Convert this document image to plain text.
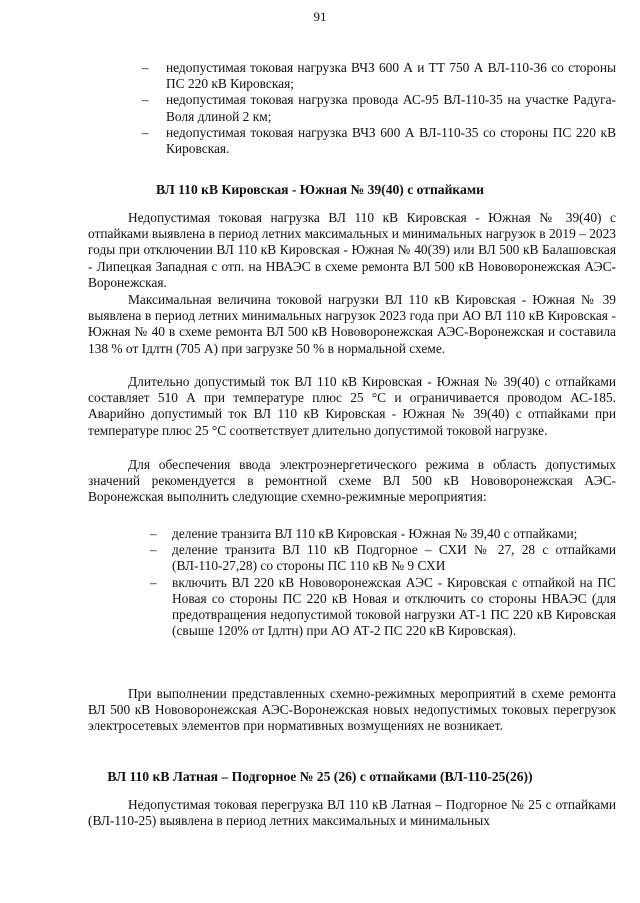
91
– недопустимая токовая нагрузка ВЧЗ 600 А и ТТ 750 А ВЛ-110-36 со стороны ПС 220 кВ Кировская;
– недопустимая токовая нагрузка провода АС-95 ВЛ-110-35 на участке Радуга-Воля длиной 2 км;
– недопустимая токовая нагрузка ВЧЗ 600 А ВЛ-110-35 со стороны ПС 220 кВ Кировская.
ВЛ 110 кВ Кировская - Южная № 39(40) с отпайками

Недопустимая токовая нагрузка ВЛ 110 кВ Кировская - Южная № 39(40) с отпайками выявлена в период летних максимальных и минимальных нагрузок в 2019 – 2023 годы при отключении ВЛ 110 кВ Кировская - Южная № 40(39) или ВЛ 500 кВ Балашовская - Липецкая Западная с отп. на НВАЭС в схеме ремонта ВЛ 500 кВ Нововоронежская АЭС-Воронежская.

Максимальная величина токовой нагрузки ВЛ 110 кВ Кировская - Южная № 39 выявлена в период летних минимальных нагрузок 2023 года при АО ВЛ 110 кВ Кировская - Южная № 40 в схеме ремонта ВЛ 500 кВ Нововоронежская АЭС-Воронежская и составила 138 % от Iдлтн (705 А) при загрузке 50 % в нормальной схеме.

Длительно допустимый ток ВЛ 110 кВ Кировская - Южная № 39(40) с отпайками составляет 510 А при температуре плюс 25 °С и ограничивается проводом АС-185. Аварийно допустимый ток ВЛ 110 кВ Кировская - Южная № 39(40) с отпайками при температуре плюс 25 °С соответствует длительно допустимой токовой нагрузке.

Для обеспечения ввода электроэнергетического режима в область допустимых значений рекомендуется в ремонтной схеме ВЛ 500 кВ Нововоронежская АЭС-Воронежская выполнить следующие схемно-режимные мероприятия:

– деление транзита ВЛ 110 кВ Кировская - Южная № 39,40 с отпайками;
– деление транзита ВЛ 110 кВ Подгорное – СХИ № 27, 28 с отпайками (ВЛ-110-27,28) со стороны ПС 110 кВ № 9 СХИ
– включить ВЛ 220 кВ Нововоронежская АЭС - Кировская с отпайкой на ПС Новая со стороны ПС 220 кВ Новая и отключить со стороны НВАЭС (для предотвращения недопустимой токовой нагрузки АТ-1 ПС 220 кВ Кировская (свыше 120% от Iдлтн) при АО АТ-2 ПС 220 кВ Кировская).

При выполнении представленных схемно-режимных мероприятий в схеме ремонта ВЛ 500 кВ Нововоронежская АЭС-Воронежская новых недопустимых токовых перегрузок электросетевых элементов при нормативных возмущениях не возникает.

ВЛ 110 кВ Латная – Подгорное № 25 (26) с отпайками (ВЛ-110-25(26))

Недопустимая токовая перегрузка ВЛ 110 кВ Латная – Подгорное № 25 с отпайками (ВЛ-110-25) выявлена в период летних максимальных и минимальных
